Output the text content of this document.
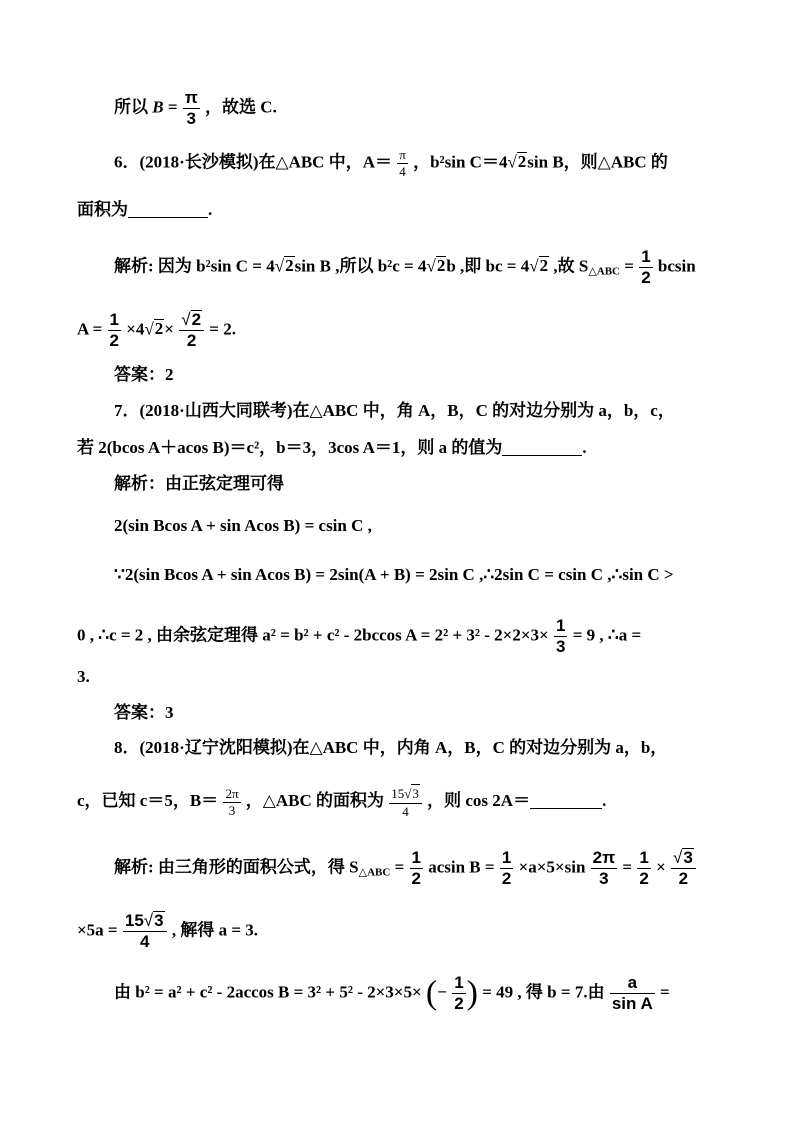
所以 $B = \frac{\pi}{3}$ ，故选 C.
6．(2018·长沙模拟)在△ABC 中，$A= \frac{\pi}{4}$ ，b²sin C＝4√2sin B，则△ABC 的
面积为	.
解析: 因为 b²sin C = 4√2sin B ,所以 b²c = 4√2b ,即 bc = 4√2 ,故 $S_{\triangle ABC} = \frac{1}{2}$ bcsin
$A = \frac{1}{2} \times 4√2\times \frac{√2}{2} = 2$.
答案：2
7．(2018·山西大同联考)在△ABC 中，角 A，B，C 的对边分别为 a，b，c，
若 2(bcos A＋acos B)＝c²，b＝3，3cos A＝1，则 a 的值为	.
解析：由正弦定理可得
2(sin Bcos A + sin Acos B) = csin C ,
∵2(sin Bcos A + sin Acos B) = 2sin(A + B) = 2sin C ,∴2sin C = csin C ,∴sin C >
0 , ∴c = 2 , 由余弦定理得 a² = b² + c² - 2bccos $A = 2^2 + 3^2 - 2\times 2\times 3\times \frac{1}{3} = 9$ , ∴a =
3.
答案：3
8．(2018·辽宁沈阳模拟)在△ABC 中，内角 A，B，C 的对边分别为 a，b，
c，已知 c＝5，$B= \frac{2\pi}{3}$ ，△ABC 的面积为 $\frac{15√3}{4}$ ，则 cos 2A＝	.
解析: 由三角形的面积公式，得 $S_{\triangle ABC} = \frac{1}{2}$ acsin $B = \frac{1}{2} \times a\times 5\times\sin \frac{2\pi}{3} = \frac{1}{2} \times \frac{√3}{2}$
$\times 5a = \frac{15√3}{4}$ , 解得 a = 3.
由 b² = a² + c² - 2accos B = 3² + 5² - 2×3×5× (− $\frac{1}{2}$ ) = 49 , 得 b = 7.由 $\frac{a}{\text{sin A}}$ =
